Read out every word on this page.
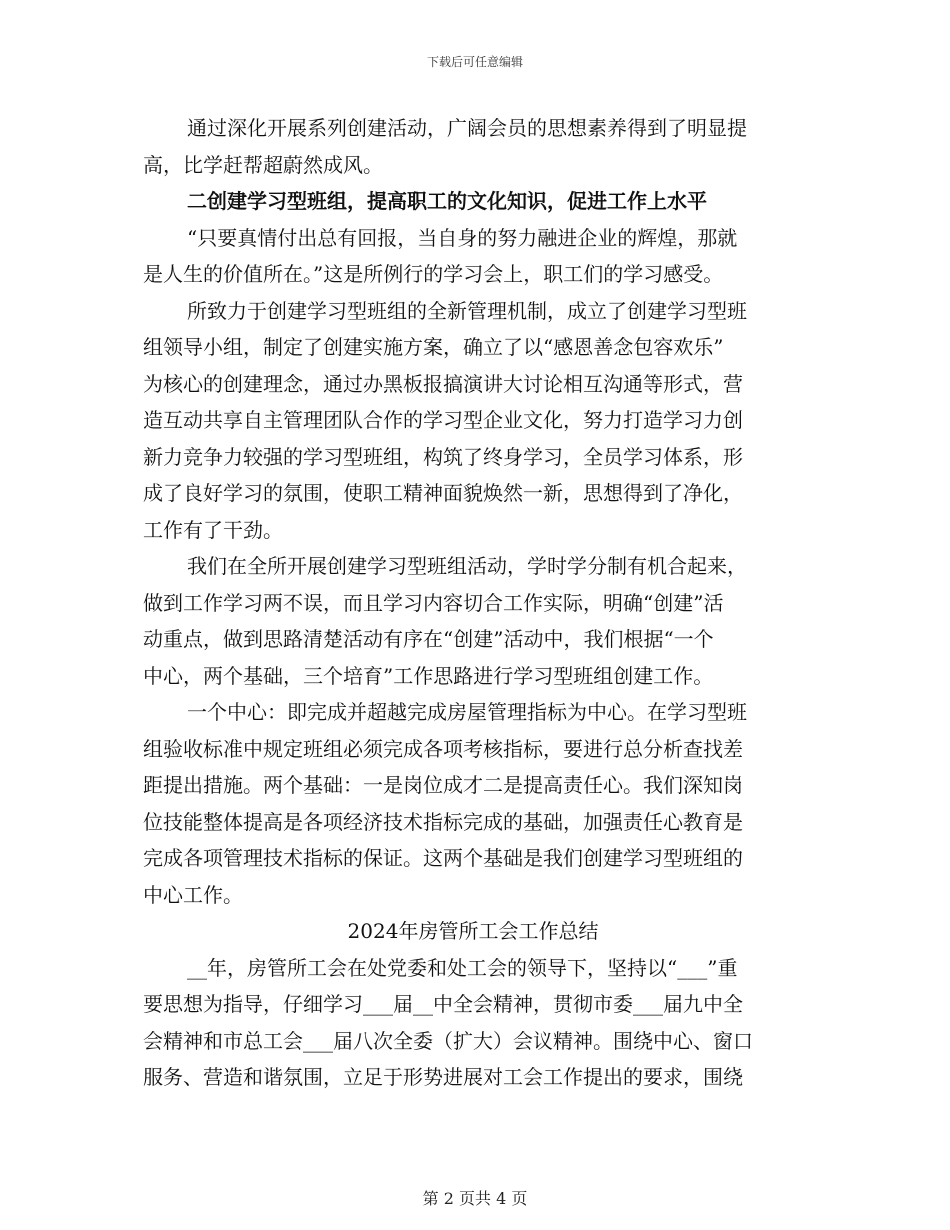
下载后可任意编辑
通过深化开展系列创建活动，广阔会员的思想素养得到了明显提
高，比学赶帮超蔚然成风。
二创建学习型班组，提高职工的文化知识，促进工作上水平
“只要真情付出总有回报，当自身的努力融进企业的辉煌，那就
是人生的价值所在。”这是所例行的学习会上，职工们的学习感受。
所致力于创建学习型班组的全新管理机制，成立了创建学习型班
组领导小组，制定了创建实施方案，确立了以“感恩善念包容欢乐”
为核心的创建理念，通过办黑板报搞演讲大讨论相互沟通等形式，营
造互动共享自主管理团队合作的学习型企业文化，努力打造学习力创
新力竞争力较强的学习型班组，构筑了终身学习，全员学习体系，形
成了良好学习的氛围，使职工精神面貌焕然一新，思想得到了净化，
工作有了干劲。
我们在全所开展创建学习型班组活动，学时学分制有机合起来，
做到工作学习两不误，而且学习内容切合工作实际，明确“创建”活
动重点，做到思路清楚活动有序在“创建”活动中，我们根据“一个
中心，两个基础，三个培育”工作思路进行学习型班组创建工作。
一个中心：即完成并超越完成房屋管理指标为中心。在学习型班
组验收标准中规定班组必须完成各项考核指标，要进行总分析查找差
距提出措施。两个基础：一是岗位成才二是提高责任心。我们深知岗
位技能整体提高是各项经济技术指标完成的基础，加强责任心教育是
完成各项管理技术指标的保证。这两个基础是我们创建学习型班组的
中心工作。
2024年房管所工会工作总结
__年，房管所工会在处党委和处工会的领导下，坚持以“___”重
要思想为指导，仔细学习___届__中全会精神，贯彻市委___届九中全
会精神和市总工会___届八次全委（扩大）会议精神。围绕中心、窗口
服务、营造和谐氛围，立足于形势进展对工会工作提出的要求，围绕
第 2 页共 4 页
